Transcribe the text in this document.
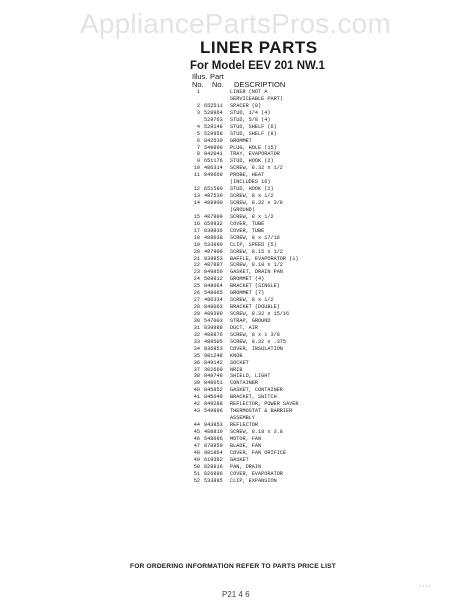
AppliancePartsPros.com
LINER PARTS
For Model EEV 201 NW.1
Illus. Part
No. No. DESCRIPTION
1	LINER (NOT A
SERVICEABLE PART)
2 652511	SPACER (8)
3 528964	STUD, 1/4 (4)
529763	STUD, 5/8 (4)
4 529148	STUD, SHELF (6)
5 529958	STUD, SHELF (8)
6 842639	GROMMET
7 549890	PLUG, HOLE (15)
8 842041	TRAY, EVAPORATOR
9 651176	STUD, HOOK (2)
10 486314	SCREW, 8.32 x 1/2
11 849669	PROBE, HEAT
(INCLUDES 16)
12 651590	STUD, HOOK (2)
13 487539	SCREW, 8 x 1/2
14 488900	SCREW, 8.32 x 3/8
(GROUND)
15 487909	SCREW, 8 x 1/2
16 659832	COVER, TUBE
17 839836	COVER, TUBE
18 488038	SCREW, 8 x 17/16
19 533990	CLIP, SPEED (5)
20 487909	SCREW, 8.15 x 1/2
21 839853	BAFFLE, EVAPORATOR (1)
22 487887	SCREW, 8.18 x 1/2
23 849850	GASKET, DRAIN PAN
24 509812	GROMMET (4)
25 848064	BRACKET (SINGLE)
26 548065	GROMMET (7)
27 486334	SCREW, 8 x 1/2
28 848063	BRACKET (DOUBLE)
29 488390	SCREW, 8.32 x 15/16
30 547003	STRAP, GROUND
31 839888	DUCT, AIR
32 488876	SCREW, 8 x 1 3/8
33 488505	SCREW, 8.32 x .375
34 836853	COVER, INSULATION
35 981248	KNOB
36 849142	SOCKET
37 302669	NRIB
38 848748	SHIELD, LIGHT
39 848051	CONTAINER
40 845852	GASKET, CONTAINER
41 845649	BRACKET, SWITCH
42 849288	REFLECTOR, POWER SAVER
43 549896	THERMOSTAT & BARRIER
ASSEMBLY
44 843853	REFLECTOR
45 488810	SCREW, 8.18 x 3.8
46 548696	MOTOR, FAN
47 878859	BLADE, FAN
48 981864	COVER, FAN ORIFICE
49 619382	GASKET
50 828816	PAN, DRAIN
51 826896	COVER, EVAPORATOR
52 533895	CLIP, EXPANSION
FOR ORDERING INFORMATION REFER TO PARTS PRICE LIST
P21 4 6
' ' ' '
